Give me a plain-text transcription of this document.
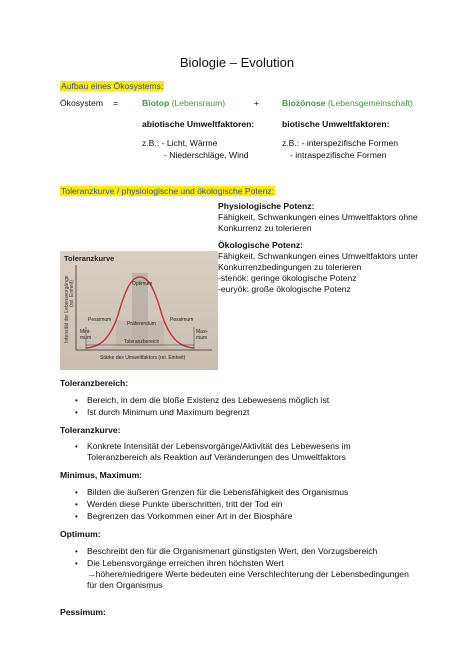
Biologie – Evolution
Aufbau eines Ökosystems:
Ökosystem =	Biotop (Lebensraum)	+	Biozönose (Lebensgemeinschaft)
abiotische Umweltfaktoren:
z.B.: - Licht, Wärme
- Niederschläge, Wind
biotische Umweltfaktoren:
z.B.: - interspezifische Formen
- intraspezifische Formen
Toleranzkurve / physiologische und ökologische Potenz:
Physiologische Potenz:
Fähigkeit, Schwankungen eines Umweltfaktors ohne
Konkurrenz zu tolerieren
Ökologische Potenz:
Fähigkeit, Schwankungen eines Umweltfaktors unter
Konkurrenzbedingungen zu tolerieren
-stenök: geringe ökologische Potenz
-euryök: große ökologische Potenz
Toleranzkurve
Intensität der Lebensvorgänge (rel. Einheit)	Optimum
Präferendum
Pessimum	Pessimum
Mini-
mum
Maxi-
mum
Toleranzbereich
Stärke des Umweltfaktors (rel. Einheit)
Toleranzbereich:
• Bereich, in dem die bloße Existenz des Lebewesens möglich ist
• Ist durch Minimum und Maximum begrenzt
Toleranzkurve:
• Konkrete Intensität der Lebensvorgänge/Aktivität des Lebewesens im
Toleranzbereich als Reaktion auf Veränderungen des Umweltfaktors
Minimus, Maximum:
• Bilden die äußeren Grenzen für die Lebensfähigkeit des Organismus
• Werden diese Punkte überschritten, tritt der Tod ein
• Begrenzen das Vorkommen einer Art in der Biosphäre
Optimum:
• Beschreibt den für die Organismenart günstigsten Wert, den Vorzugsbereich
• Die Lebensvorgänge erreichen ihren höchsten Wert
→höhere/niedrigere Werte bedeuten eine Verschlechterung der Lebensbedingungen
für den Organismus
Pessimum:
